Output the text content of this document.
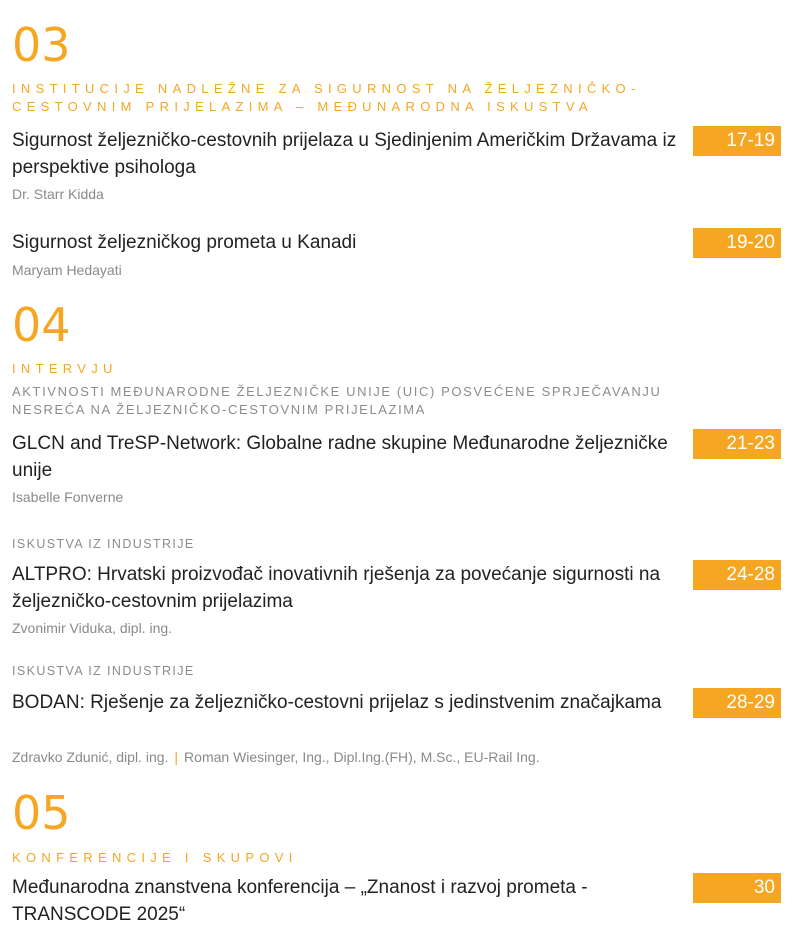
03
INSTITUCIJE NADLEŽNE ZA SIGURNOST NA ŽELJEZNIČKO-CESTOVNIM PRIJELAZIMA – MEĐUNARODNA ISKUSTVA
Sigurnost željezničko-cestovnih prijelaza u Sjedinjenim Američkim Državama iz perspektive psihologa
17-19
Dr. Starr Kidda
Sigurnost željezničkog prometa u Kanadi	19-20
Maryam Hedayati
04
INTERVJU
AKTIVNOSTI MEĐUNARODNE ŽELJEZNIČKE UNIJE (UIC) POSVEĆENE SPRJEČAVANJU NESREĆA NA ŽELJEZNIČKO-CESTOVNIM PRIJELAZIMA
GLCN and TreSP-Network: Globalne radne skupine Međunarodne željezničke unije
21-23
Isabelle Fonverne
ISKUSTVA IZ INDUSTRIJE
ALTPRO: Hrvatski proizvođač inovativnih rješenja za povećanje sigurnosti na željezničko-cestovnim prijelazima
24-28
Zvonimir Viduka, dipl. ing.
ISKUSTVA IZ INDUSTRIJE
BODAN: Rješenje za željezničko-cestovni prijelaz s jedinstvenim značajkama	28-29
Zdravko Zdunić, dipl. ing. | Roman Wiesinger, Ing., Dipl.Ing.(FH), M.Sc., EU-Rail Ing.
05
KONFERENCIJE I SKUPOVI
Međunarodna znanstvena konferencija – „Znanost i razvoj prometa - TRANSCODE 2025“
30
